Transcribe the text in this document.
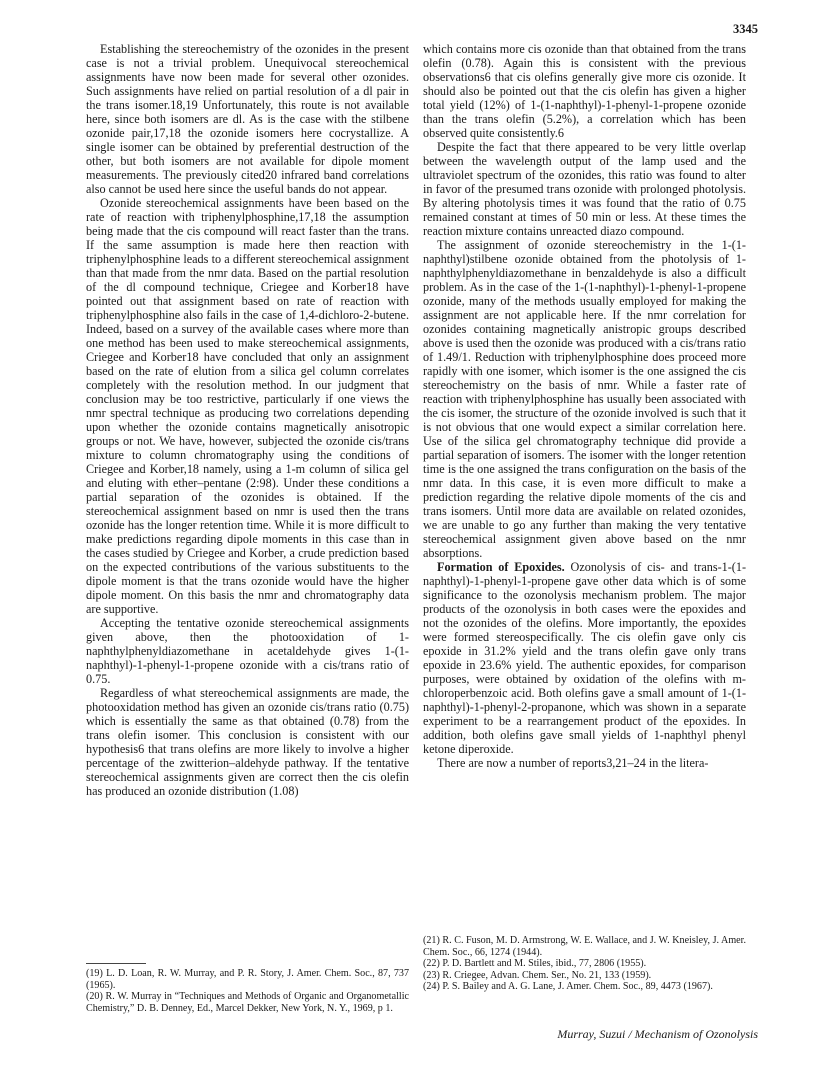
3345

Establishing the stereochemistry of the ozonides in the present case is not a trivial problem. Unequivocal stereochemical assignments have now been made for several other ozonides. Such assignments have relied on partial resolution of a dl pair in the trans isomer.18,19 Unfortunately, this route is not available here, since both isomers are dl. As is the case with the stilbene ozonide pair,17,18 the ozonide isomers here cocrystallize. A single isomer can be obtained by preferential destruction of the other, but both isomers are not available for dipole moment measurements. The previously cited20 infrared band correlations also cannot be used here since the useful bands do not appear.

Ozonide stereochemical assignments have been based on the rate of reaction with triphenylphosphine,17,18 the assumption being made that the cis compound will react faster than the trans. If the same assumption is made here then reaction with triphenylphosphine leads to a different stereochemical assignment than that made from the nmr data. Based on the partial resolution of the dl compound technique, Criegee and Korber18 have pointed out that assignment based on rate of reaction with triphenylphosphine also fails in the case of 1,4-dichloro-2-butene. Indeed, based on a survey of the available cases where more than one method has been used to make stereochemical assignments, Criegee and Korber18 have concluded that only an assignment based on the rate of elution from a silica gel column correlates completely with the resolution method. In our judgment that conclusion may be too restrictive, particularly if one views the nmr spectral technique as producing two correlations depending upon whether the ozonide contains magnetically anisotropic groups or not. We have, however, subjected the ozonide cis/trans mixture to column chromatography using the conditions of Criegee and Korber,18 namely, using a 1-m column of silica gel and eluting with ether–pentane (2:98). Under these conditions a partial separation of the ozonides is obtained. If the stereochemical assignment based on nmr is used then the trans ozonide has the longer retention time. While it is more difficult to make predictions regarding dipole moments in this case than in the cases studied by Criegee and Korber, a crude prediction based on the expected contributions of the various substituents to the dipole moment is that the trans ozonide would have the higher dipole moment. On this basis the nmr and chromatography data are supportive.

Accepting the tentative ozonide stereochemical assignments given above, then the photooxidation of 1-naphthylphenyldiazomethane in acetaldehyde gives 1-(1-naphthyl)-1-phenyl-1-propene ozonide with a cis/trans ratio of 0.75.

Regardless of what stereochemical assignments are made, the photooxidation method has given an ozonide cis/trans ratio (0.75) which is essentially the same as that obtained (0.78) from the trans olefin isomer. This conclusion is consistent with our hypothesis6 that trans olefins are more likely to involve a higher percentage of the zwitterion–aldehyde pathway. If the tentative stereochemical assignments given are correct then the cis olefin has produced an ozonide distribution (1.08)

which contains more cis ozonide than that obtained from the trans olefin (0.78). Again this is consistent with the previous observations6 that cis olefins generally give more cis ozonide. It should also be pointed out that the cis olefin has given a higher total yield (12%) of 1-(1-naphthyl)-1-phenyl-1-propene ozonide than the trans olefin (5.2%), a correlation which has been observed quite consistently.6

Despite the fact that there appeared to be very little overlap between the wavelength output of the lamp used and the ultraviolet spectrum of the ozonides, this ratio was found to alter in favor of the presumed trans ozonide with prolonged photolysis. By altering photolysis times it was found that the ratio of 0.75 remained constant at times of 50 min or less. At these times the reaction mixture contains unreacted diazo compound.

The assignment of ozonide stereochemistry in the 1-(1-naphthyl)stilbene ozonide obtained from the photolysis of 1-naphthylphenyldiazomethane in benzaldehyde is also a difficult problem. As in the case of the 1-(1-naphthyl)-1-phenyl-1-propene ozonide, many of the methods usually employed for making the assignment are not applicable here. If the nmr correlation for ozonides containing magnetically anistropic groups described above is used then the ozonide was produced with a cis/trans ratio of 1.49/1. Reduction with triphenylphosphine does proceed more rapidly with one isomer, which isomer is the one assigned the cis stereochemistry on the basis of nmr. While a faster rate of reaction with triphenylphosphine has usually been associated with the cis isomer, the structure of the ozonide involved is such that it is not obvious that one would expect a similar correlation here. Use of the silica gel chromatography technique did provide a partial separation of isomers. The isomer with the longer retention time is the one assigned the trans configuration on the basis of the nmr data. In this case, it is even more difficult to make a prediction regarding the relative dipole moments of the cis and trans isomers. Until more data are available on related ozonides, we are unable to go any further than making the very tentative stereochemical assignment given above based on the nmr absorptions.

Formation of Epoxides. Ozonolysis of cis- and trans-1-(1-naphthyl)-1-phenyl-1-propene gave other data which is of some significance to the ozonolysis mechanism problem. The major products of the ozonolysis in both cases were the epoxides and not the ozonides of the olefins. More importantly, the epoxides were formed stereospecifically. The cis olefin gave only cis epoxide in 31.2% yield and the trans olefin gave only trans epoxide in 23.6% yield. The authentic epoxides, for comparison purposes, were obtained by oxidation of the olefins with m-chloroperbenzoic acid. Both olefins gave a small amount of 1-(1-naphthyl)-1-phenyl-2-propanone, which was shown in a separate experiment to be a rearrangement product of the epoxides. In addition, both olefins gave small yields of 1-naphthyl phenyl ketone diperoxide.

There are now a number of reports3,21–24 in the litera-

(19) L. D. Loan, R. W. Murray, and P. R. Story, J. Amer. Chem. Soc., 87, 737 (1965).

(20) R. W. Murray in “Techniques and Methods of Organic and Organometallic Chemistry,” D. B. Denney, Ed., Marcel Dekker, New York, N. Y., 1969, p 1.

(21) R. C. Fuson, M. D. Armstrong, W. E. Wallace, and J. W. Kneisley, J. Amer. Chem. Soc., 66, 1274 (1944).

(22) P. D. Bartlett and M. Stiles, ibid., 77, 2806 (1955).

(23) R. Criegee, Advan. Chem. Ser., No. 21, 133 (1959).

(24) P. S. Bailey and A. G. Lane, J. Amer. Chem. Soc., 89, 4473 (1967).

Murray, Suzui / Mechanism of Ozonolysis
